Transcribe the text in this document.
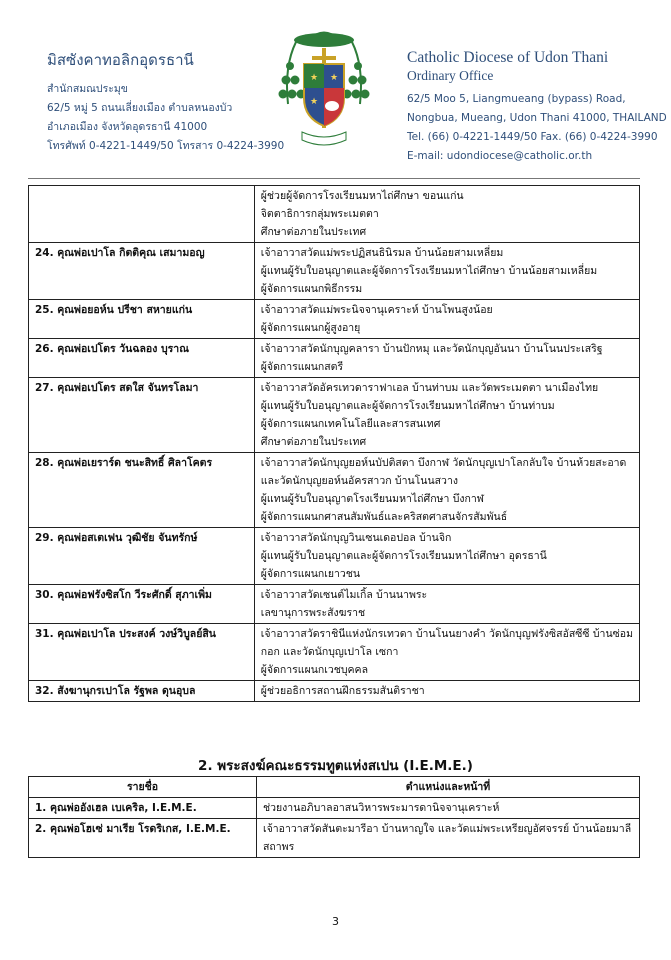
มิสซังคาทอลิกอุดรธานี
สำนักสมณประมุข
62/5 หมู่ 5 ถนนเลี่ยงเมือง ตำบลหนองบัว
อำเภอเมือง จังหวัดอุดรธานี 41000
โทรศัพท์ 0-4221-1449/50 โทรสาร 0-4224-3990
★ ★
★
Catholic Diocese of Udon Thani
Ordinary Office
62/5 Moo 5, Liangmueang (bypass) Road,
Nongbua, Mueang, Udon Thani 41000, THAILAND
Tel. (66) 0-4221-1449/50 Fax. (66) 0-4224-3990
E-mail: udondiocese@catholic.or.th

	ผู้ช่วยผู้จัดการโรงเรียนมหาไถ่ศึกษา ขอนแก่น
จิตตาธิการกลุ่มพระเมตตา
ศึกษาต่อภายในประเทศ

24. คุณพ่อเปาโล กิตติคุณ เสมามอญ	เจ้าอาวาสวัดแม่พระปฏิสนธินิรมล บ้านน้อยสามเหลี่ยม
ผู้แทนผู้รับใบอนุญาตและผู้จัดการโรงเรียนมหาไถ่ศึกษา บ้านน้อยสามเหลี่ยม
ผู้จัดการแผนกพิธีกรรม

25. คุณพ่อยอห์น ปรีชา สหายแก่น	เจ้าอาวาสวัดแม่พระนิจจานุเคราะห์ บ้านโพนสูงน้อย
ผู้จัดการแผนกผู้สูงอายุ

26. คุณพ่อเปโตร วันฉลอง บุราณ	เจ้าอาวาสวัดนักบุญคลารา บ้านปักหมุ และวัดนักบุญอันนา บ้านโนนประเสริฐ
ผู้จัดการแผนกสตรี

27. คุณพ่อเปโตร สดใส จันทรโลมา	เจ้าอาวาสวัดอัครเทวดาราฟาเอล บ้านท่าบม และวัดพระเมตตา นาเมืองไทย
ผู้แทนผู้รับใบอนุญาตและผู้จัดการโรงเรียนมหาไถ่ศึกษา บ้านท่าบม
ผู้จัดการแผนกเทคโนโลยีและสารสนเทศ
ศึกษาต่อภายในประเทศ

28. คุณพ่อเยราร์ด ชนะสิทธิ์ ศิลาโคตร	เจ้าอาวาสวัดนักบุญยอห์นบัปติสตา บึงกาฬ วัดนักบุญเปาโลกลับใจ บ้านห้วยสะอาด
และวัดนักบุญยอห์นอัครสาวก บ้านโนนสวาง
ผู้แทนผู้รับใบอนุญาตโรงเรียนมหาไถ่ศึกษา บึงกาฬ
ผู้จัดการแผนกศาสนสัมพันธ์และคริสตศาสนจักรสัมพันธ์

29. คุณพ่อสเตเฟน วุฒิชัย จันทรักษ์	เจ้าอาวาสวัดนักบุญวินเซนเดอปอล บ้านจิก
ผู้แทนผู้รับใบอนุญาตและผู้จัดการโรงเรียนมหาไถ่ศึกษา อุดรธานี
ผู้จัดการแผนกเยาวชน

30. คุณพ่อฟรังซิสโก วีระศักดิ์ สุภาเพิ่ม	เจ้าอาวาสวัดเซนต์ไมเกิ้ล บ้านนาพระ
เลขานุการพระสังฆราช

31. คุณพ่อเปาโล ประสงค์ วงษ์วิบูลย์สิน	เจ้าอาวาสวัดราชินีแห่งนักรเทวดา บ้านโนนยางคำ วัดนักบุญฟรังซิสอัสซีซี บ้านซ่อม
กอก และวัดนักบุญเปาโล เซกา
ผู้จัดการแผนกเวชบุคคล

32. สังฆานุกรเปาโล รัฐพล ดุนอุบล	ผู้ช่วยอธิการสถานฝึกธรรมสันติราชา
2. พระสงฆ์คณะธรรมทูตแห่งสเปน (I.E.M.E.)
รายชื่อ	ตำแหน่งและหน้าที่
1. คุณพ่ออังเฮล เบเคริล, I.E.M.E.	ช่วยงานอภิบาลอาสนวิหารพระมารดานิจจานุเคราะห์

2. คุณพ่อโฮเซ่ มาเรีย โรดริเกส, I.E.M.E.	เจ้าอาวาสวัดสันตะมารีอา บ้านหาญใจ และวัดแม่พระเหรียญอัศจรรย์ บ้านน้อยมาลี
สถาพร
3
